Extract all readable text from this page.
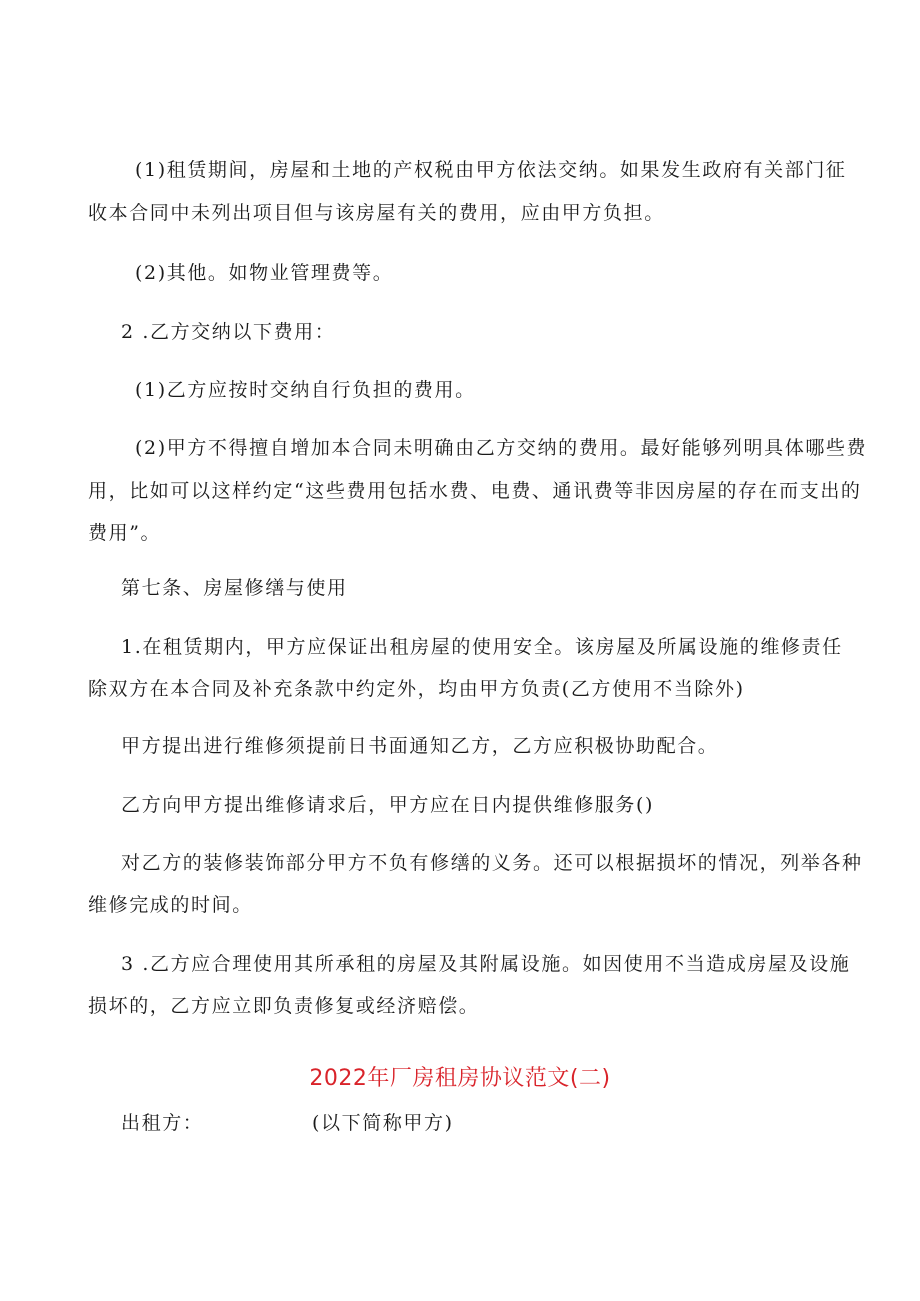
(1)租赁期间，房屋和土地的产权税由甲方依法交纳。如果发生政府有关部门征
收本合同中未列出项目但与该房屋有关的费用，应由甲方负担。
(2)其他。如物业管理费等。
2 .乙方交纳以下费用：
(1)乙方应按时交纳自行负担的费用。
(2)甲方不得擅自增加本合同未明确由乙方交纳的费用。最好能够列明具体哪些费
用，比如可以这样约定“这些费用包括水费、电费、通讯费等非因房屋的存在而支出的
费用”。
第七条、房屋修缮与使用
1.在租赁期内，甲方应保证出租房屋的使用安全。该房屋及所属设施的维修责任
除双方在本合同及补充条款中约定外，均由甲方负责(乙方使用不当除外)
甲方提出进行维修须提前日书面通知乙方，乙方应积极协助配合。
乙方向甲方提出维修请求后，甲方应在日内提供维修服务()
对乙方的装修装饰部分甲方不负有修缮的义务。还可以根据损坏的情况，列举各种
维修完成的时间。
3 .乙方应合理使用其所承租的房屋及其附属设施。如因使用不当造成房屋及设施
损坏的，乙方应立即负责修复或经济赔偿。
2022年厂房租房协议范文(二)
出租方：	(以下简称甲方)
